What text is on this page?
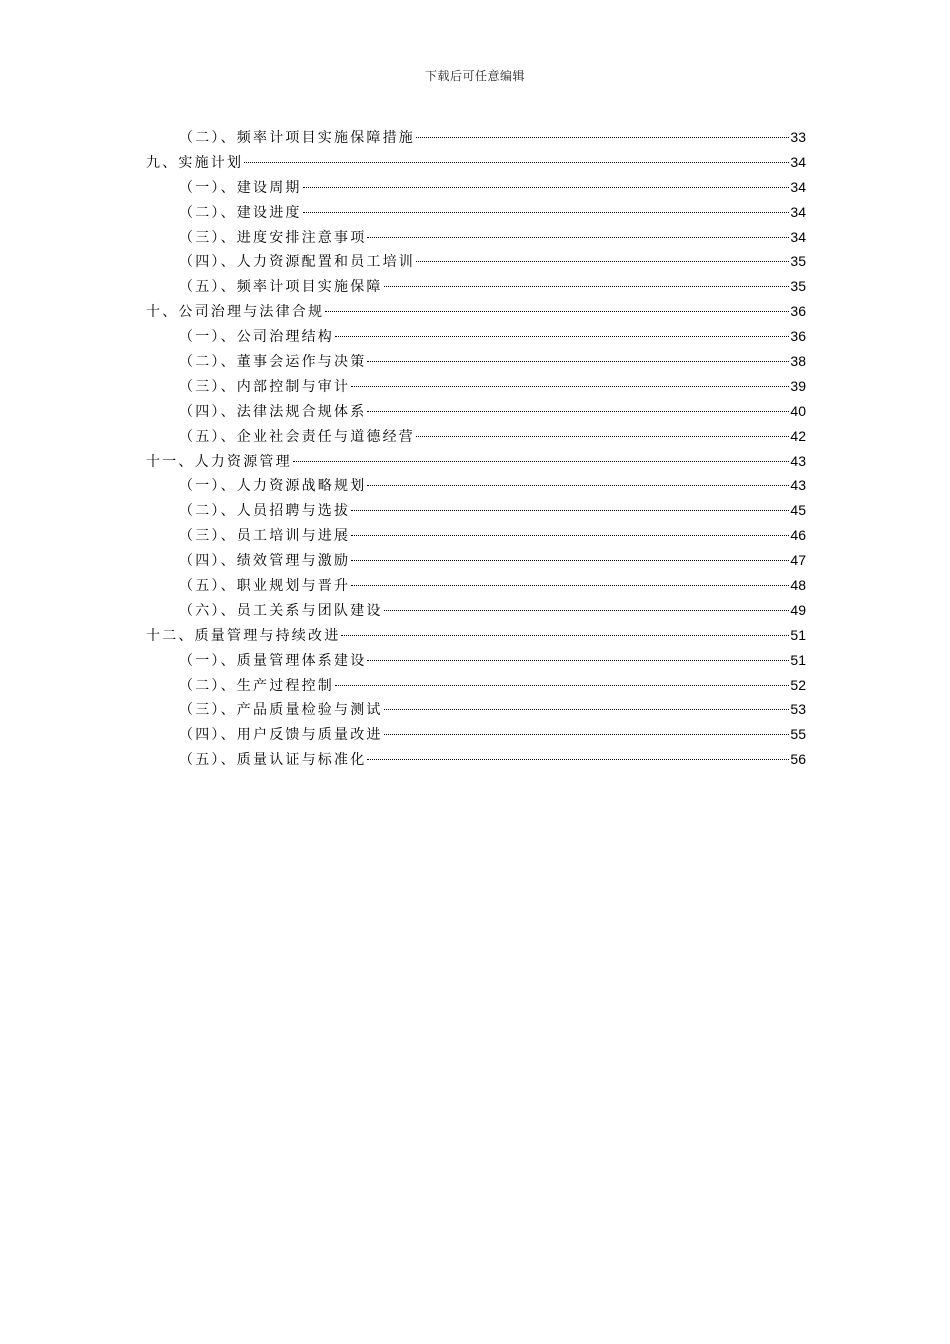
下载后可任意编辑
（二）、频率计项目实施保障措施	33
九、实施计划	34
（一）、建设周期	34
（二）、建设进度	34
（三）、进度安排注意事项	34
（四）、人力资源配置和员工培训	35
（五）、频率计项目实施保障	35
十、公司治理与法律合规	36
（一）、公司治理结构	36
（二）、董事会运作与决策	38
（三）、内部控制与审计	39
（四）、法律法规合规体系	40
（五）、企业社会责任与道德经营	42
十一、人力资源管理	43
（一）、人力资源战略规划	43
（二）、人员招聘与选拔	45
（三）、员工培训与进展	46
（四）、绩效管理与激励	47
（五）、职业规划与晋升	48
（六）、员工关系与团队建设	49
十二、质量管理与持续改进	51
（一）、质量管理体系建设	51
（二）、生产过程控制	52
（三）、产品质量检验与测试	53
（四）、用户反馈与质量改进	55
（五）、质量认证与标准化	56
